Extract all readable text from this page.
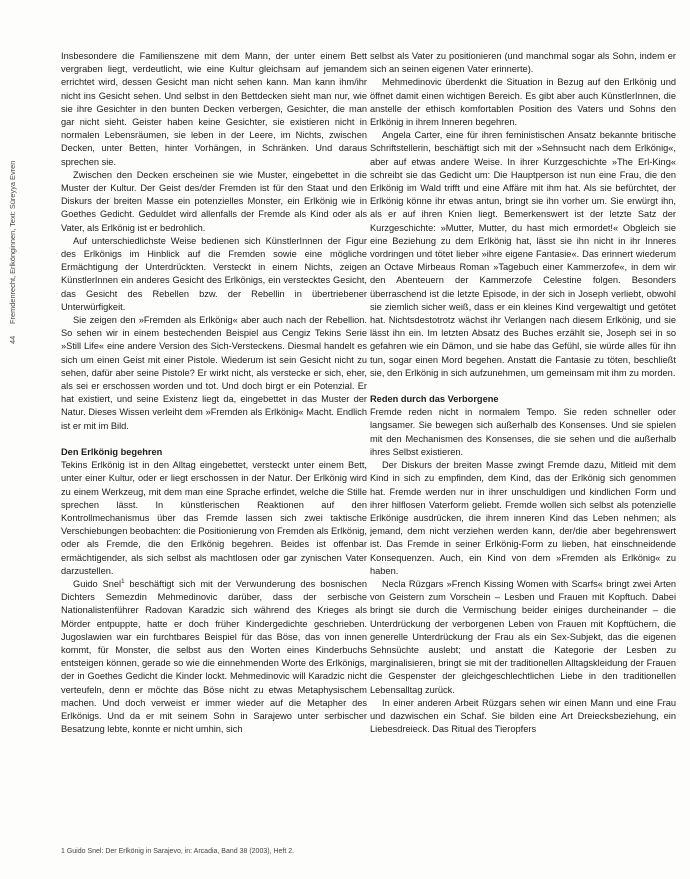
44
Fremdenrecht, Erlkönginnen, Text: Süreyya Evren

Insbesondere die Familienszene mit dem Mann, der unter einem Bett vergraben liegt, verdeutlicht, wie eine Kultur gleichsam auf jemandem errichtet wird, dessen Gesicht man nicht sehen kann. Man kann ihm/ihr nicht ins Gesicht sehen. Und selbst in den Bettdecken sieht man nur, wie sie ihre Gesichter in den bunten Decken verbergen, Gesichter, die man gar nicht sieht. Geister haben keine Gesichter, sie existieren nicht in normalen Lebensräumen, sie leben in der Leere, im Nichts, zwischen Decken, unter Betten, hinter Vorhängen, in Schränken. Und daraus sprechen sie.

Zwischen den Decken erscheinen sie wie Muster, eingebettet in die Muster der Kultur. Der Geist des/der Fremden ist für den Staat und den Diskurs der breiten Masse ein potenzielles Monster, ein Erlkönig wie in Goethes Gedicht. Geduldet wird allenfalls der Fremde als Kind oder als Vater, als Erlkönig ist er bedrohlich.

Auf unterschiedlichste Weise bedienen sich KünstlerInnen der Figur des Erlkönigs im Hinblick auf die Fremden sowie eine mögliche Ermächtigung der Unterdrückten. Versteckt in einem Nichts, zeigen KünstlerInnen ein anderes Gesicht des Erlkönigs, ein verstecktes Gesicht, das Gesicht des Rebellen bzw. der Rebellin in übertriebener Unterwürfigkeit.

Sie zeigen den »Fremden als Erlkönig« aber auch nach der Rebellion. So sehen wir in einem bestechenden Beispiel aus Cengiz Tekins Serie »Still Life« eine andere Version des Sich-Versteckens. Diesmal handelt es sich um einen Geist mit einer Pistole. Wiederum ist sein Gesicht nicht zu sehen, dafür aber seine Pistole? Er wirkt nicht, als verstecke er sich, eher, als sei er erschossen worden und tot. Und doch birgt er ein Potenzial. Er hat existiert, und seine Existenz liegt da, eingebettet in das Muster der Natur. Dieses Wissen verleiht dem »Fremden als Erlkönig« Macht. Endlich ist er mit im Bild.

Den Erlkönig begehren

Tekins Erlkönig ist in den Alltag eingebettet, versteckt unter einem Bett, unter einer Kultur, oder er liegt erschossen in der Natur. Der Erlkönig wird zu einem Werkzeug, mit dem man eine Sprache erfindet, welche die Stille sprechen lässt. In künstlerischen Reaktionen auf den Kontrollmechanismus über das Fremde lassen sich zwei taktische Verschiebungen beobachten: die Positionierung von Fremden als Erlkönig, oder als Fremde, die den Erlkönig begehren. Beides ist offenbar ermächtigender, als sich selbst als machtlosen oder gar zynischen Vater darzustellen.

Guido Snel$^1$ beschäftigt sich mit der Verwunderung des bosnischen Dichters Semezdin Mehmedinovic darüber, dass der serbische Nationalistenführer Radovan Karadzic sich während des Krieges als Mörder entpuppte, hatte er doch früher Kindergedichte geschrieben. Jugoslawien war ein furchtbares Beispiel für das Böse, das von innen kommt, für Monster, die selbst aus den Worten eines Kinderbuchs entsteigen können, gerade so wie die einnehmenden Worte des Erlkönigs, der in Goethes Gedicht die Kinder lockt. Mehmedinovic will Karadzic nicht verteufeln, denn er möchte das Böse nicht zu etwas Metaphysischem machen. Und doch verweist er immer wieder auf die Metapher des Erlkönigs. Und da er mit seinem Sohn in Sarajewo unter serbischer Besatzung lebte, konnte er nicht umhin, sich

selbst als Vater zu positionieren (und manchmal sogar als Sohn, indem er sich an seinen eigenen Vater erinnerte).

Mehmedinovic überdenkt die Situation in Bezug auf den Erlkönig und öffnet damit einen wichtigen Bereich. Es gibt aber auch KünstlerInnen, die anstelle der ethisch komfortablen Position des Vaters und Sohns den Erlkönig in ihrem Inneren begehren.

Angela Carter, eine für ihren feministischen Ansatz bekannte britische Schriftstellerin, beschäftigt sich mit der »Sehnsucht nach dem Erlkönig«, aber auf etwas andere Weise. In ihrer Kurzgeschichte »The Erl-King« schreibt sie das Gedicht um: Die Hauptperson ist nun eine Frau, die den Erlkönig im Wald trifft und eine Affäre mit ihm hat. Als sie befürchtet, der Erlkönig könne ihr etwas antun, bringt sie ihn vorher um. Sie erwürgt ihn, als er auf ihren Knien liegt. Bemerkenswert ist der letzte Satz der Kurzgeschichte: »Mutter, Mutter, du hast mich ermordet!« Obgleich sie eine Beziehung zu dem Erlkönig hat, lässt sie ihn nicht in ihr Inneres vordringen und tötet lieber »ihre eigene Fantasie«. Das erinnert wiederum an Octave Mirbeaus Roman »Tagebuch einer Kammerzofe«, in dem wir den Abenteuern der Kammerzofe Celestine folgen. Besonders überraschend ist die letzte Episode, in der sich in Joseph verliebt, obwohl sie ziemlich sicher weiß, dass er ein kleines Kind vergewaltigt und getötet hat. Nichtsdestotrotz wächst ihr Verlangen nach diesem Erlkönig, und sie lässt ihn ein. Im letzten Absatz des Buches erzählt sie, Joseph sei in so gefahren wie ein Dämon, und sie habe das Gefühl, sie würde alles für ihn tun, sogar einen Mord begehen. Anstatt die Fantasie zu töten, beschließt sie, den Erlkönig in sich aufzunehmen, um gemeinsam mit ihm zu morden.

Reden durch das Verborgene

Fremde reden nicht in normalem Tempo. Sie reden schneller oder langsamer. Sie bewegen sich außerhalb des Konsenses. Und sie spielen mit den Mechanismen des Konsenses, die sie sehen und die außerhalb ihres Selbst existieren.

Der Diskurs der breiten Masse zwingt Fremde dazu, Mitleid mit dem Kind in sich zu empfinden, dem Kind, das der Erlkönig sich genommen hat. Fremde werden nur in ihrer unschuldigen und kindlichen Form und ihrer hilflosen Vaterform geliebt. Fremde wollen sich selbst als potenzielle Erlkönige ausdrücken, die ihrem inneren Kind das Leben nehmen; als jemand, dem nicht verziehen werden kann, der/die aber begehrenswert ist. Das Fremde in seiner Erlkönig-Form zu lieben, hat einschneidende Konsequenzen. Auch, ein Kind von dem »Fremden als Erlkönig« zu haben.

Necla Rüzgars »French Kissing Women with Scarfs« bringt zwei Arten von Geistern zum Vorschein – Lesben und Frauen mit Kopftuch. Dabei bringt sie durch die Vermischung beider einiges durcheinander – die Unterdrückung der verborgenen Leben von Frauen mit Kopftüchern, die generelle Unterdrückung der Frau als ein Sex-Subjekt, das die eigenen Sehnsüchte auslebt; und anstatt die Kategorie der Lesben zu marginalisieren, bringt sie mit der traditionellen Alltagskleidung der Frauen die Gespenster der gleichgeschlechtlichen Liebe in den traditionellen Lebensalltag zurück.

In einer anderen Arbeit Rüzgars sehen wir einen Mann und eine Frau und dazwischen ein Schaf. Sie bilden eine Art Dreiecksbeziehung, ein Liebesdreieck. Das Ritual des Tieropfers

1 Guido Snel: Der Erlkönig in Sarajevo, in: Arcadia, Band 38 (2003), Heft 2.
